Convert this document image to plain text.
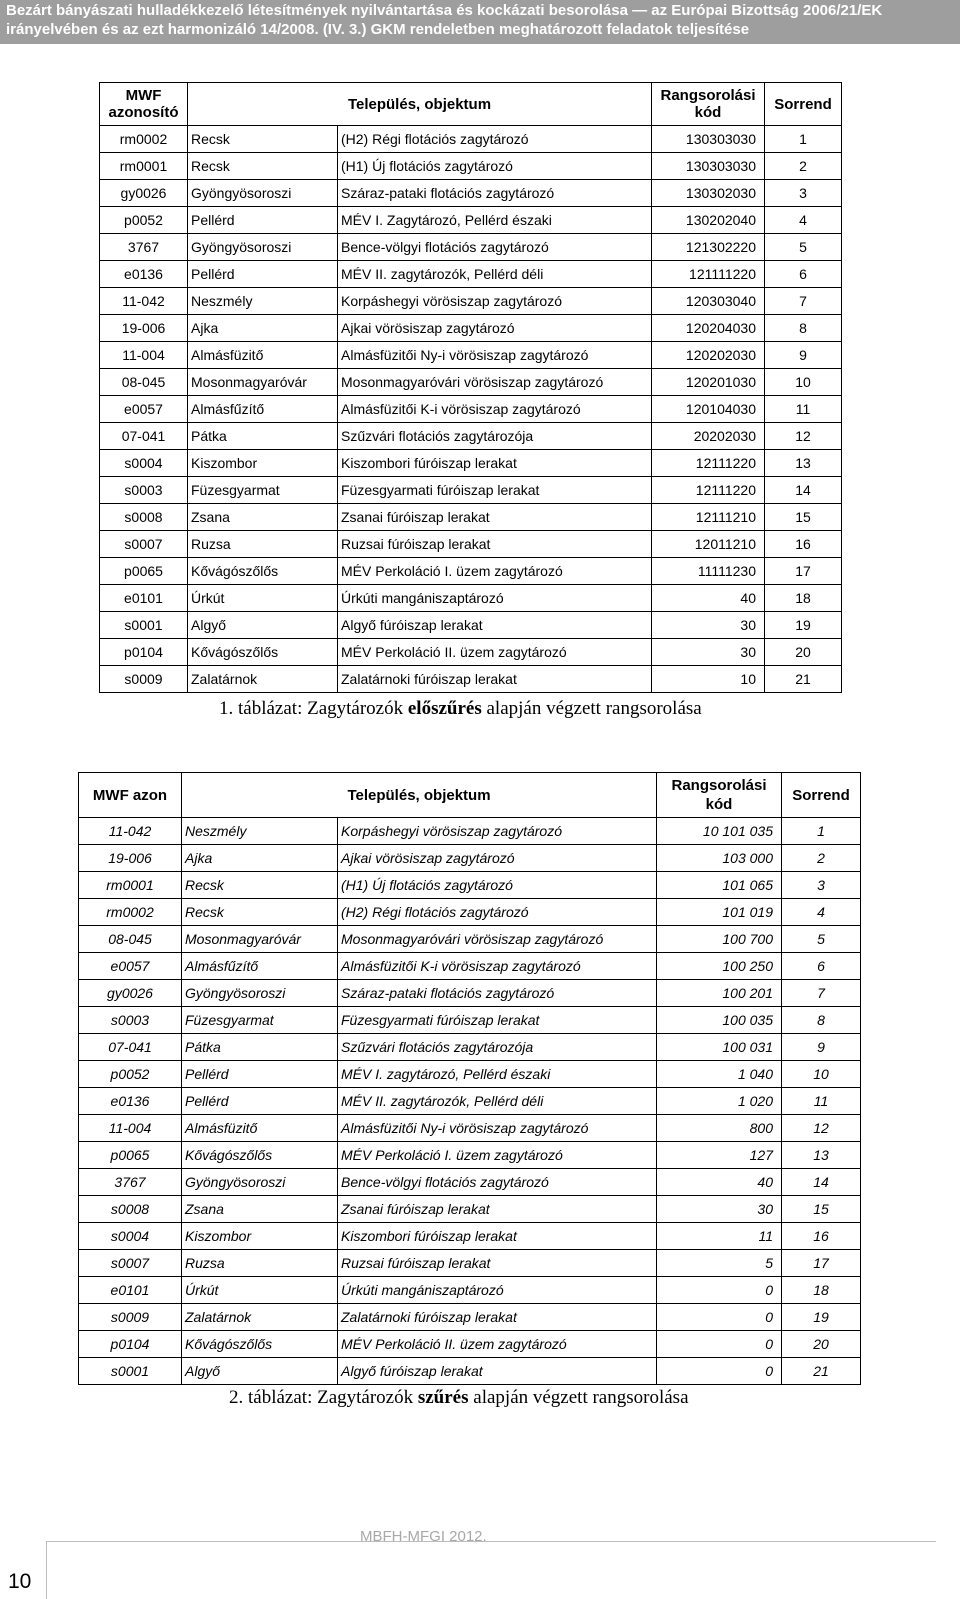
Bezárt bányászati hulladékkezelő létesítmények nyilvántartása és kockázati besorolása — az Európai Bizottság 2006/21/EK
irányelvében és az ezt harmonizáló 14/2008. (IV. 3.) GKM rendeletben meghatározott feladatok teljesítése
MWF azonosító	Település, objektum		Rangsorolási kód	Sorrend
rm0002	Recsk	(H2) Régi flotációs zagytározó	130303030	1
rm0001	Recsk	(H1) Új flotációs zagytározó	130303030	2
gy0026	Gyöngyösoroszi	Száraz-pataki flotációs zagytározó	130302030	3
p0052	Pellérd	MÉV I. Zagytározó, Pellérd északi	130202040	4
3767	Gyöngyösoroszi	Bence-völgyi flotációs zagytározó	121302220	5
e0136	Pellérd	MÉV II. zagytározók, Pellérd déli	121111220	6
11-042	Neszmély	Korpáshegyi vörösiszap zagytározó	120303040	7
19-006	Ajka	Ajkai vörösiszap zagytározó	120204030	8
11-004	Almásfüzitő	Almásfüzitői Ny-i vörösiszap zagytározó	120202030	9
08-045	Mosonmagyaróvár	Mosonmagyaróvári vörösiszap zagytározó	120201030	10
e0057	Almásfűzítő	Almásfüzitői K-i vörösiszap zagytározó	120104030	11
07-041	Pátka	Szűzvári flotációs zagytározója	20202030	12
s0004	Kiszombor	Kiszombori fúróiszap lerakat	12111220	13
s0003	Füzesgyarmat	Füzesgyarmati fúróiszap lerakat	12111220	14
s0008	Zsana	Zsanai fúróiszap lerakat	12111210	15
s0007	Ruzsa	Ruzsai fúróiszap lerakat	12011210	16
p0065	Kővágószőlős	MÉV Perkoláció I. üzem zagytározó	11111230	17
e0101	Úrkút	Úrkúti mangániszaptározó	40	18
s0001	Algyő	Algyő fúróiszap lerakat	30	19
p0104	Kővágószőlős	MÉV Perkoláció II. üzem zagytározó	30	20
s0009	Zalatárnok	Zalatárnoki fúróiszap lerakat	10	21
1. táblázat: Zagytározók előszűrés alapján végzett rangsorolása
MWF azon	Település, objektum		Rangsorolási kód	Sorrend
11-042	Neszmély	Korpáshegyi vörösiszap zagytározó	10 101 035	1
19-006	Ajka	Ajkai vörösiszap zagytározó	103 000	2
rm0001	Recsk	(H1) Új flotációs zagytározó	101 065	3
rm0002	Recsk	(H2) Régi flotációs zagytározó	101 019	4
08-045	Mosonmagyaróvár	Mosonmagyaróvári vörösiszap zagytározó	100 700	5
e0057	Almásfűzítő	Almásfüzitői K-i vörösiszap zagytározó	100 250	6
gy0026	Gyöngyösoroszi	Száraz-pataki flotációs zagytározó	100 201	7
s0003	Füzesgyarmat	Füzesgyarmati fúróiszap lerakat	100 035	8
07-041	Pátka	Szűzvári flotációs zagytározója	100 031	9
p0052	Pellérd	MÉV I. zagytározó, Pellérd északi	1 040	10
e0136	Pellérd	MÉV II. zagytározók, Pellérd déli	1 020	11
11-004	Almásfüzitő	Almásfüzitői Ny-i vörösiszap zagytározó	800	12
p0065	Kővágószőlős	MÉV Perkoláció I. üzem zagytározó	127	13
3767	Gyöngyösoroszi	Bence-völgyi flotációs zagytározó	40	14
s0008	Zsana	Zsanai fúróiszap lerakat	30	15
s0004	Kiszombor	Kiszombori fúróiszap lerakat	11	16
s0007	Ruzsa	Ruzsai fúróiszap lerakat	5	17
e0101	Úrkút	Úrkúti mangániszaptározó	0	18
s0009	Zalatárnok	Zalatárnoki fúróiszap lerakat	0	19
p0104	Kővágószőlős	MÉV Perkoláció II. üzem zagytározó	0	20
s0001	Algyő	Algyő fúróiszap lerakat	0	21
2. táblázat: Zagytározók szűrés alapján végzett rangsorolása
MBFH-MFGI 2012.
10
